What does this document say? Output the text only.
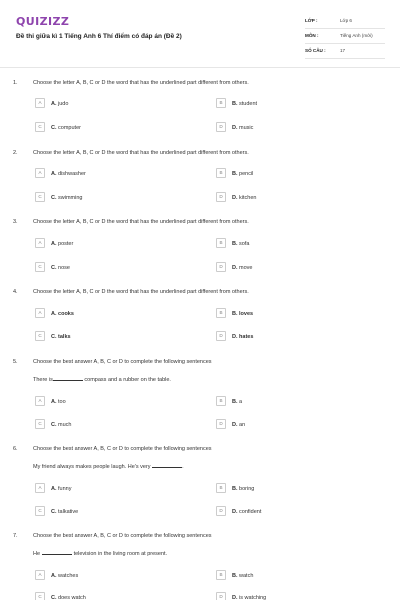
QUIZIZZ
Đề thi giữa kì 1 Tiếng Anh 6 Thí điểm có đáp án (Đề 2)
LỚP :	Lớp 6
MÔN :	Tiếng Anh (mới)
SỐ CÂU :	17
1.	Choose the letter A, B, C or D the word that has the underlined part different from others.
A	A. judo	B	B. student
C	C. computer	D	D. music
2.	Choose the letter A, B, C or D the word that has the underlined part different from others.
A	A. dishwasher	B	B. pencil
C	C. swimming	D	D. kitchen
3.	Choose the letter A, B, C or D the word that has the underlined part different from others.
A	A. poster	B	B. sofa
C	C. nose	D	D. move
4.	Choose the letter A, B, C or D the word that has the underlined part different from others.
A	A. cooks	B	B. loves
C	C. talks	D	D. hates
5.	Choose the best answer A, B, C or D to complete the following sentences
There is	compass and a rubber on the table.
A	A. too	B	B. a
C	C. much	D	D. an
6.	Choose the best answer A, B, C or D to complete the following sentences
My friend always makes people laugh. He's very	.
A	A. funny	B	B. boring
C	C. talkative	D	D. confident
7.	Choose the best answer A, B, C or D to complete the following sentences
He	television in the living room at present.
A	A. watches	B	B. watch
C	C. does watch	D	D. is watching
